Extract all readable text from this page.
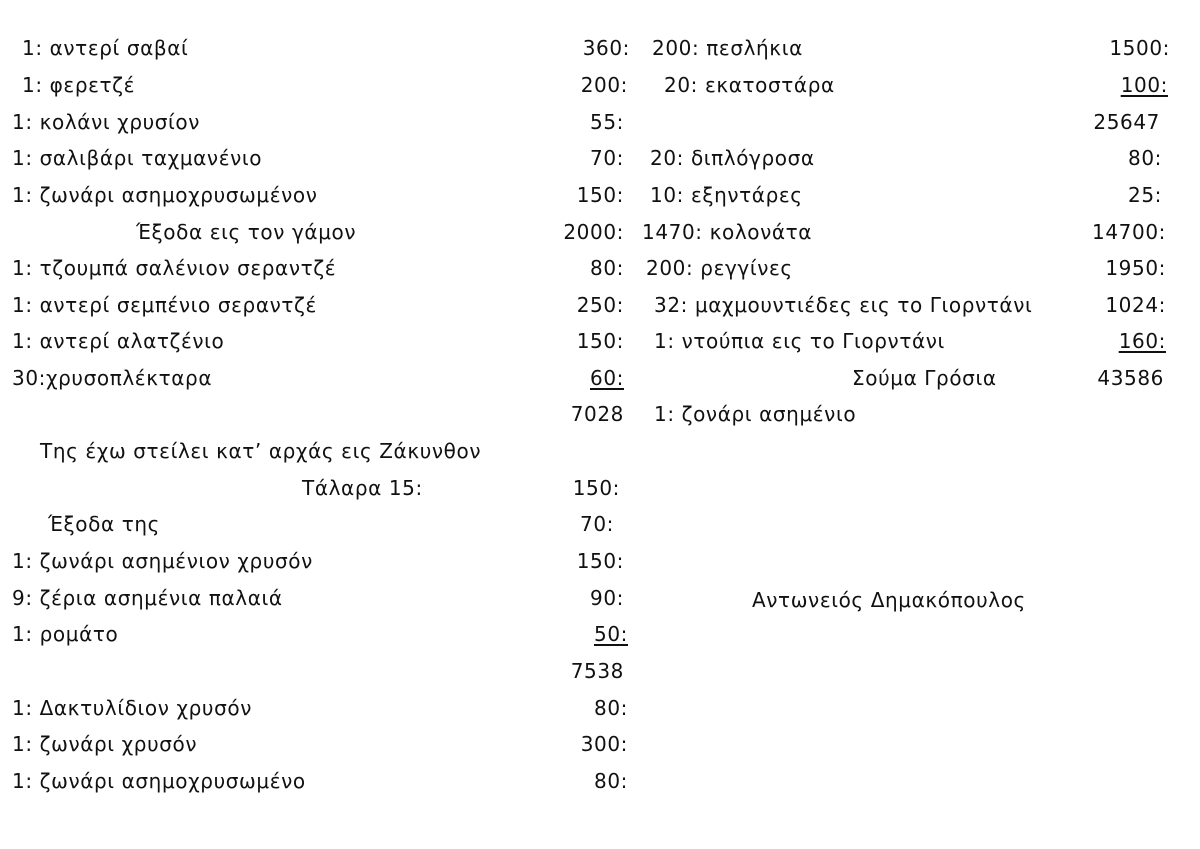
1: αντερί σαβαί
1: φερετζέ
1: κολάνι χρυσίον
1: σαλιβάρι ταχμανένιο
1: ζωνάρι ασημοχρυσωμένον
Έξοδα εις τον γάμον
1: τζουμπά σαλένιον σεραντζέ
1: αντερί σεμπένιο σεραντζέ
1: αντερί αλατζένιο
30:χρυσοπλέκταρα
Της έχω στείλει κατ’ αρχάς εις Ζάκυνθον
Τάλαρα 15:
Έξοδα της
1: ζωνάρι ασημένιον χρυσόν
9: ζέρια ασημένια παλαιά
1: ρομάτο
1: Δακτυλίδιον χρυσόν
1: ζωνάρι χρυσόν
1: ζωνάρι ασημοχρυσωμένο
360:
200:
55:
70:
150:
2000:
80:
250:
150:
60:
7028
150:
70:
150:
90:
50:
7538
80:
300:
80:
200: πεσλήκια
20: εκατοστάρα
20: διπλόγροσα
10: εξηντάρες
1470: κολονάτα
200: ρεγγίνες
32: μαχμουντιέδες εις το Γιορντάνι
1: ντούπια εις το Γιορντάνι
Σούμα Γρόσια
1: ζονάρι ασημένιο
1500:
100:
25647
80:
25:
14700:
1950:
1024:
160:
43586
Αντωνειός Δημακόπουλος
